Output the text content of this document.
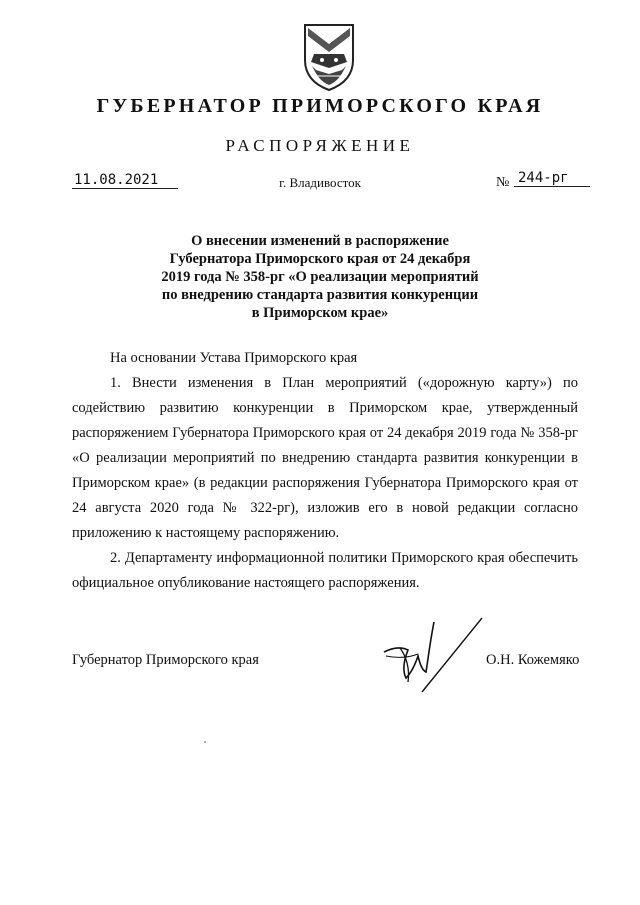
ГУБЕРНАТОР ПРИМОРСКОГО КРАЯ
РАСПОРЯЖЕНИЕ
11.08.2021	г. Владивосток	№ 244-рг
О внесении изменений в распоряжение
Губернатора Приморского края от 24 декабря
2019 года № 358-рг «О реализации мероприятий
по внедрению стандарта развития конкуренции
в Приморском крае»

На основании Устава Приморского края

1. Внести изменения в План мероприятий («дорожную карту») по содействию развитию конкуренции в Приморском крае, утвержденный распоряжением Губернатора Приморского края от 24 декабря 2019 года № 358-рг «О реализации мероприятий по внедрению стандарта развития конкуренции в Приморском крае» (в редакции распоряжения Губернатора Приморского края от 24 августа 2020 года № 322-рг), изложив его в новой редакции согласно приложению к настоящему распоряжению.

2. Департаменту информационной политики Приморского края обеспечить официальное опубликование настоящего распоряжения.

Губернатор Приморского края	О.Н. Кожемяко
